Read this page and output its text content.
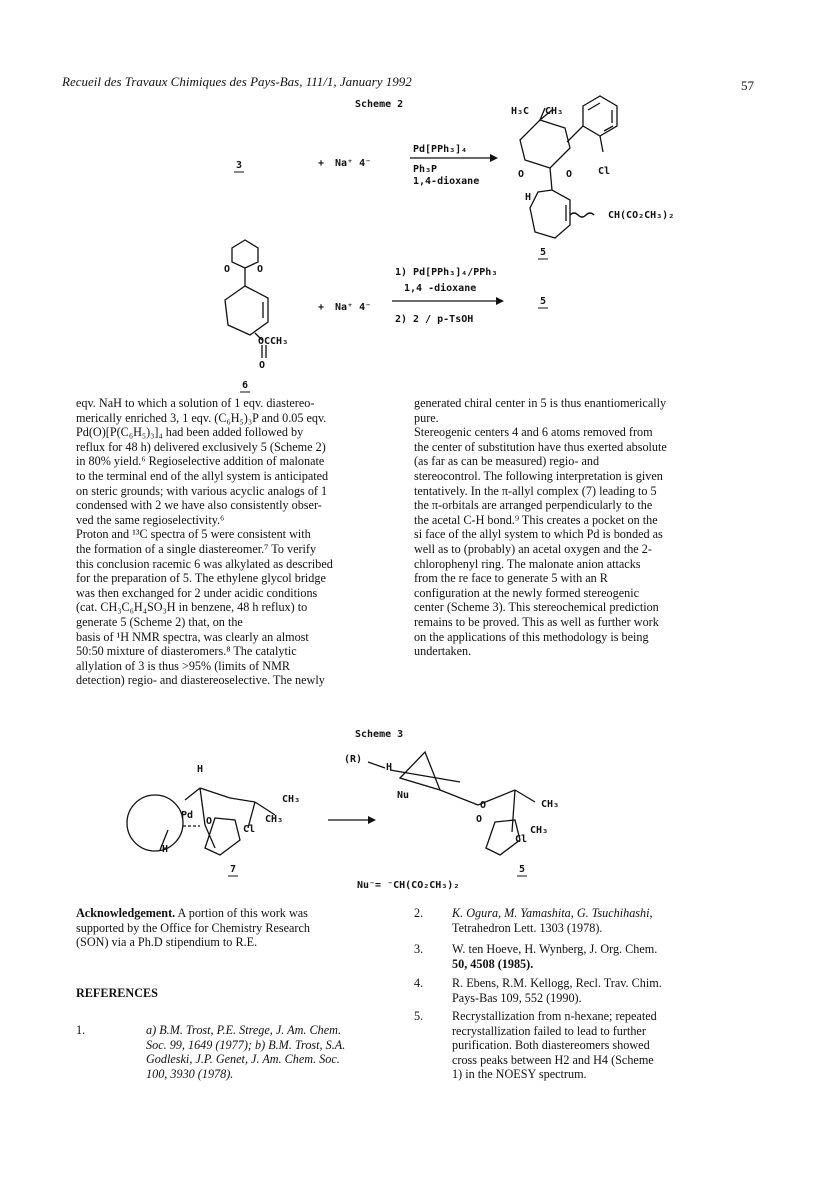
Recueil des Travaux Chimiques des Pays-Bas, 111/1, January 1992	57
Scheme 2
3	+ Na⁺ 4⁻
Pd[PPh₃]₄
Ph₃P
1,4-dioxane
H₃C CH₃
O	O	Cl
H
CH(CO₂CH₃)₂
5
O	O
OCCH₃
O
6
+ Na⁺ 4⁻
1) Pd[PPh₃]₄/PPh₃
1,4 -dioxane
2) 2 / p-TsOH
5

eqv. NaH to which a solution of 1 eqv. diastereo-

merically enriched 3, 1 eqv. (C₆H₅)₃P and 0.05 eqv.

Pd(O)[P(C₆H₅)₃]₄ had been added followed by

reflux for 48 h) delivered exclusively 5 (Scheme 2)

in 80% yield.⁶ Regioselective addition of malonate

to the terminal end of the allyl system is anticipated

on steric grounds; with various acyclic analogs of 1

condensed with 2 we have also consistently obser-

ved the same regioselectivity.⁶

Proton and ¹³C spectra of 5 were consistent with

the formation of a single diastereomer.⁷ To verify

this conclusion racemic 6 was alkylated as described

for the preparation of 5. The ethylene glycol bridge

was then exchanged for 2 under acidic conditions

(cat. CH₃C₆H₄SO₃H in benzene, 48 h reflux) to

generate 5 (Scheme 2) that, on the

basis of ¹H NMR spectra, was clearly an almost

50:50 mixture of diasteromers.⁸ The catalytic

allylation of 3 is thus >95% (limits of NMR

detection) regio- and diastereoselective. The newly

generated chiral center in 5 is thus enantiomerically

pure.

Stereogenic centers 4 and 6 atoms removed from

the center of substitution have thus exerted absolute

(as far as can be measured) regio- and

stereocontrol. The following interpretation is given

tentatively. In the π-allyl complex (7) leading to 5

the π-orbitals are arranged perpendicularly to the

the acetal C-H bond.⁹ This creates a pocket on the

si face of the allyl system to which Pd is bonded as

well as to (probably) an acetal oxygen and the 2-

chlorophenyl ring. The malonate anion attacks

from the re face to generate 5 with an R

configuration at the newly formed stereogenic

center (Scheme 3). This stereochemical prediction

remains to be proved. This as well as further work

on the applications of this methodology is being

undertaken.

Scheme 3
H
H
Pd
O
CH₃
CH₃
Cl
7
(R)
H
Nu
O
O
CH₃
CH₃
Cl
5
Nu⁻= ⁻CH(CO₂CH₃)₂
Acknowledgement. A portion of this work was
supported by the Office for Chemistry Research
(SON) via a Ph.D stipendium to R.E.
REFERENCES
1.	a) B.M. Trost, P.E. Strege, J. Am. Chem.
Soc. 99, 1649 (1977); b) B.M. Trost, S.A.
Godleski, J.P. Genet, J. Am. Chem. Soc.
100, 3930 (1978).
2.	K. Ogura, M. Yamashita, G. Tsuchihashi,
Tetrahedron Lett. 1303 (1978).
3.	W. ten Hoeve, H. Wynberg, J. Org. Chem.
50, 4508 (1985).
4.	R. Ebens, R.M. Kellogg, Recl. Trav. Chim.
Pays-Bas 109, 552 (1990).
5.	Recrystallization from n-hexane; repeated
recrystallization failed to lead to further
purification. Both diastereomers showed
cross peaks between H2 and H4 (Scheme
1) in the NOESY spectrum.
